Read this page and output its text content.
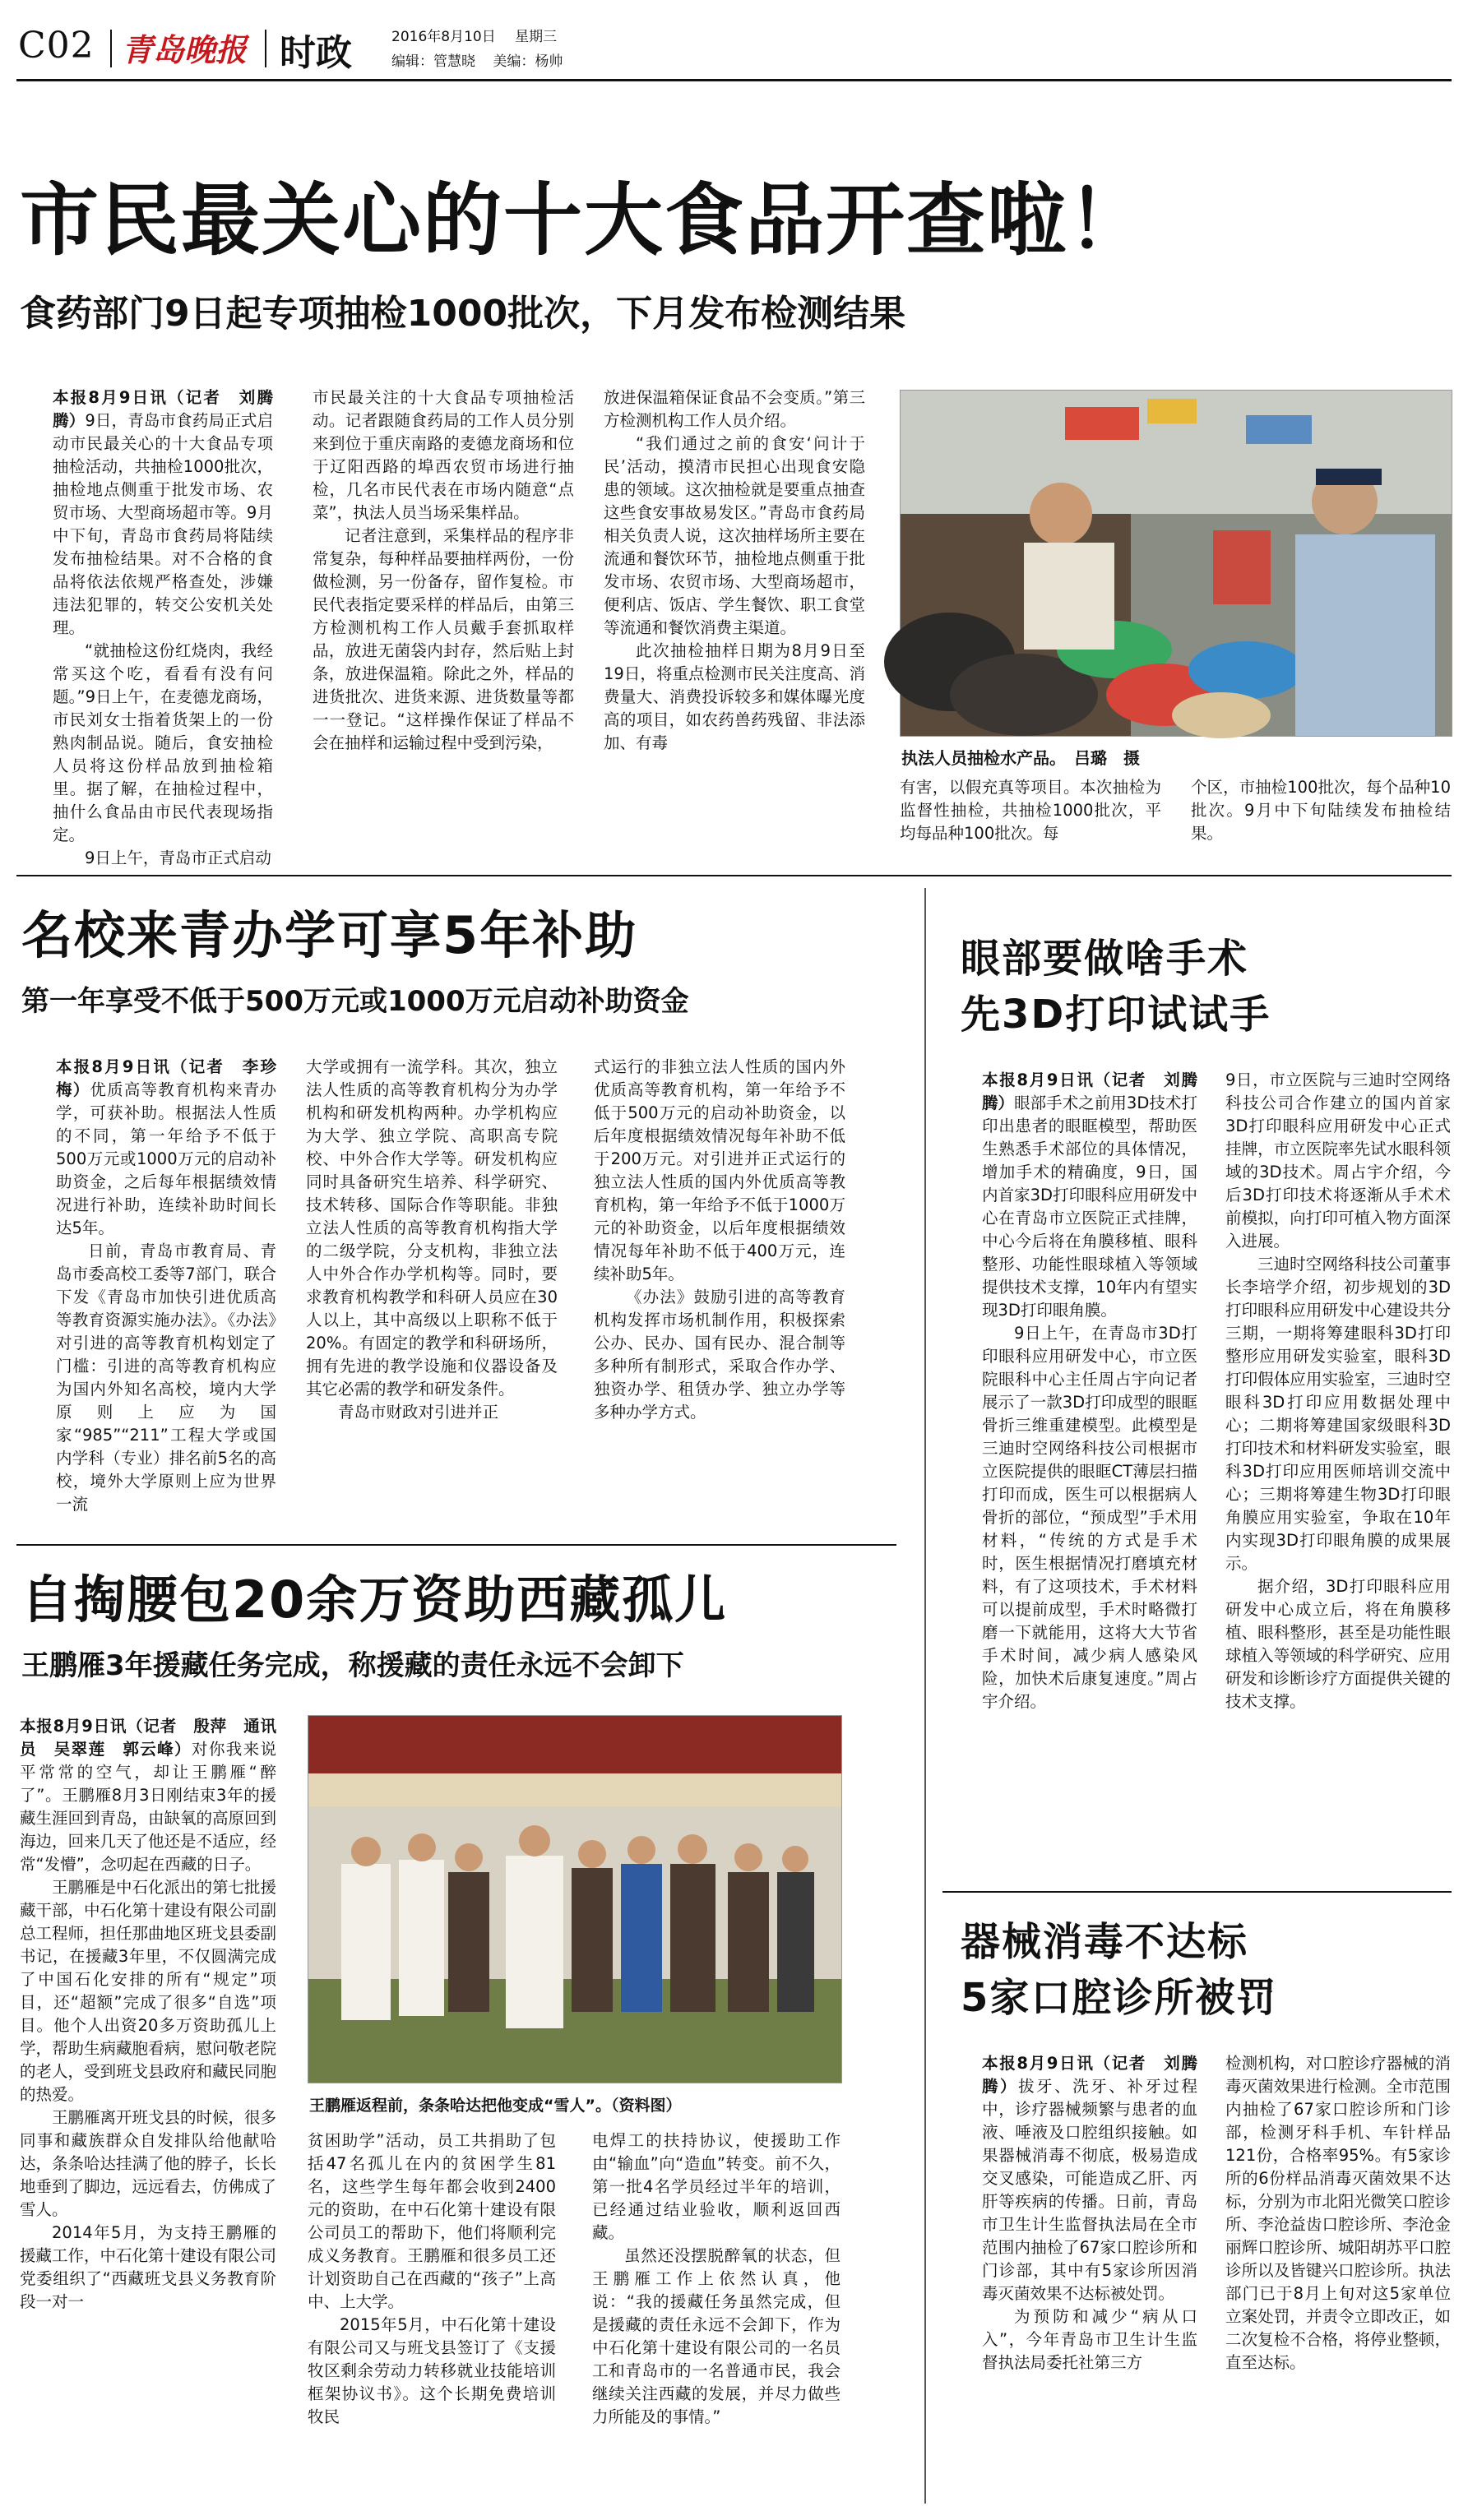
C02 青岛晚报 时政	2016年8月10日 星期三
编辑：管慧晓 美编：杨帅
市民最关心的十大食品开查啦！
食药部门9日起专项抽检1000批次，下月发布检测结果

本报8月9日讯（记者　刘腾腾）9日，青岛市食药局正式启动市民最关心的十大食品专项抽检活动，共抽检1000批次，抽检地点侧重于批发市场、农贸市场、大型商场超市等。9月中下旬，青岛市食药局将陆续发布抽检结果。对不合格的食品将依法依规严格查处，涉嫌违法犯罪的，转交公安机关处理。

“就抽检这份红烧肉，我经常买这个吃，看看有没有问题。”9日上午，在麦德龙商场，市民刘女士指着货架上的一份熟肉制品说。随后，食安抽检人员将这份样品放到抽检箱里。据了解，在抽检过程中，抽什么食品由市民代表现场指定。

9日上午，青岛市正式启动

市民最关注的十大食品专项抽检活动。记者跟随食药局的工作人员分别来到位于重庆南路的麦德龙商场和位于辽阳西路的埠西农贸市场进行抽检，几名市民代表在市场内随意“点菜”，执法人员当场采集样品。

记者注意到，采集样品的程序非常复杂，每种样品要抽样两份，一份做检测，另一份备存，留作复检。市民代表指定要采样的样品后，由第三方检测机构工作人员戴手套抓取样品，放进无菌袋内封存，然后贴上封条，放进保温箱。除此之外，样品的进货批次、进货来源、进货数量等都一一登记。“这样操作保证了样品不会在抽样和运输过程中受到污染，

放进保温箱保证食品不会变质。”第三方检测机构工作人员介绍。

“我们通过之前的食安‘问计于民’活动，摸清市民担心出现食安隐患的领域。这次抽检就是要重点抽查这些食安事故易发区。”青岛市食药局相关负责人说，这次抽样场所主要在流通和餐饮环节，抽检地点侧重于批发市场、农贸市场、大型商场超市，便利店、饭店、学生餐饮、职工食堂等流通和餐饮消费主渠道。

此次抽检抽样日期为8月9日至19日，将重点检测市民关注度高、消费量大、消费投诉较多和媒体曝光度高的项目，如农药兽药残留、非法添加、有毒

执法人员抽检水产品。　吕璐　摄

有害，以假充真等项目。本次抽检为监督性抽检，共抽检1000批次，平均每品种100批次。每

个区，市抽检100批次，每个品种10批次。9月中下旬陆续发布抽检结果。

名校来青办学可享5年补助
第一年享受不低于500万元或1000万元启动补助资金

本报8月9日讯（记者　李珍梅）优质高等教育机构来青办学，可获补助。根据法人性质的不同，第一年给予不低于500万元或1000万元的启动补助资金，之后每年根据绩效情况进行补助，连续补助时间长达5年。

日前，青岛市教育局、青岛市委高校工委等7部门，联合下发《青岛市加快引进优质高等教育资源实施办法》。《办法》对引进的高等教育机构划定了门槛：引进的高等教育机构应为国内外知名高校，境内大学原则上应为国家“985”“211”工程大学或国内学科（专业）排名前5名的高校，境外大学原则上应为世界一流

大学或拥有一流学科。其次，独立法人性质的高等教育机构分为办学机构和研发机构两种。办学机构应为大学、独立学院、高职高专院校、中外合作大学等。研发机构应同时具备研究生培养、科学研究、技术转移、国际合作等职能。非独立法人性质的高等教育机构指大学的二级学院，分支机构，非独立法人中外合作办学机构等。同时，要求教育机构教学和科研人员应在30人以上，其中高级以上职称不低于20%。有固定的教学和科研场所，拥有先进的教学设施和仪器设备及其它必需的教学和研发条件。

青岛市财政对引进并正

式运行的非独立法人性质的国内外优质高等教育机构，第一年给予不低于500万元的启动补助资金，以后年度根据绩效情况每年补助不低于200万元。对引进并正式运行的独立法人性质的国内外优质高等教育机构，第一年给予不低于1000万元的补助资金，以后年度根据绩效情况每年补助不低于400万元，连续补助5年。

《办法》鼓励引进的高等教育机构发挥市场机制作用，积极探索公办、民办、国有民办、混合制等多种所有制形式，采取合作办学、独资办学、租赁办学、独立办学等多种办学方式。

自掏腰包20余万资助西藏孤儿
王鹏雁3年援藏任务完成，称援藏的责任永远不会卸下

本报8月9日讯（记者　殷萍　通讯员　吴翠莲　郭云峰）对你我来说平常常的空气，却让王鹏雁“醉了”。王鹏雁8月3日刚结束3年的援藏生涯回到青岛，由缺氧的高原回到海边，回来几天了他还是不适应，经常“发懵”，念叨起在西藏的日子。

王鹏雁是中石化派出的第七批援藏干部，中石化第十建设有限公司副总工程师，担任那曲地区班戈县委副书记，在援藏3年里，不仅圆满完成了中国石化安排的所有“规定”项目，还“超额”完成了很多“自选”项目。他个人出资20多万资助孤儿上学，帮助生病藏胞看病，慰问敬老院的老人，受到班戈县政府和藏民同胞的热爱。

王鹏雁离开班戈县的时候，很多同事和藏族群众自发排队给他献哈达，条条哈达挂满了他的脖子，长长地垂到了脚边，远远看去，仿佛成了雪人。

2014年5月，为支持王鹏雁的援藏工作，中石化第十建设有限公司党委组织了“西藏班戈县义务教育阶段一对一

王鹏雁返程前，条条哈达把他变成“雪人”。（资料图）

贫困助学”活动，员工共捐助了包括47名孤儿在内的贫困学生81名，这些学生每年都会收到2400元的资助，在中石化第十建设有限公司员工的帮助下，他们将顺利完成义务教育。王鹏雁和很多员工还计划资助自己在西藏的“孩子”上高中、上大学。

2015年5月，中石化第十建设有限公司又与班戈县签订了《支援牧区剩余劳动力转移就业技能培训框架协议书》。这个长期免费培训牧民

电焊工的扶持协议，使援助工作由“输血”向“造血”转变。前不久，第一批4名学员经过半年的培训，已经通过结业验收，顺利返回西藏。

虽然还没摆脱醉氧的状态，但王鹏雁工作上依然认真，他说：“我的援藏任务虽然完成，但是援藏的责任永远不会卸下，作为中石化第十建设有限公司的一名员工和青岛市的一名普通市民，我会继续关注西藏的发展，并尽力做些力所能及的事情。”

眼部要做啥手术
先3D打印试试手

本报8月9日讯（记者　刘腾腾）眼部手术之前用3D技术打印出患者的眼眶模型，帮助医生熟悉手术部位的具体情况，增加手术的精确度，9日，国内首家3D打印眼科应用研发中心在青岛市立医院正式挂牌，中心今后将在角膜移植、眼科整形、功能性眼球植入等领域提供技术支撑，10年内有望实现3D打印眼角膜。

9日上午，在青岛市3D打印眼科应用研发中心，市立医院眼科中心主任周占宇向记者展示了一款3D打印成型的眼眶骨折三维重建模型。此模型是三迪时空网络科技公司根据市立医院提供的眼眶CT薄层扫描打印而成，医生可以根据病人骨折的部位，“预成型”手术用材料，“传统的方式是手术时，医生根据情况打磨填充材料，有了这项技术，手术材料可以提前成型，手术时略微打磨一下就能用，这将大大节省手术时间，减少病人感染风险，加快术后康复速度。”周占宇介绍。

9日，市立医院与三迪时空网络科技公司合作建立的国内首家3D打印眼科应用研发中心正式挂牌，市立医院率先试水眼科领域的3D技术。周占宇介绍，今后3D打印技术将逐渐从手术术前模拟，向打印可植入物方面深入进展。

三迪时空网络科技公司董事长李培学介绍，初步规划的3D打印眼科应用研发中心建设共分三期，一期将筹建眼科3D打印整形应用研发实验室，眼科3D打印假体应用实验室，三迪时空眼科3D打印应用数据处理中心；二期将筹建国家级眼科3D打印技术和材料研发实验室，眼科3D打印应用医师培训交流中心；三期将筹建生物3D打印眼角膜应用实验室，争取在10年内实现3D打印眼角膜的成果展示。

据介绍，3D打印眼科应用研发中心成立后，将在角膜移植、眼科整形，甚至是功能性眼球植入等领域的科学研究、应用研发和诊断诊疗方面提供关键的技术支撑。

器械消毒不达标
5家口腔诊所被罚

本报8月9日讯（记者　刘腾腾）拔牙、洗牙、补牙过程中，诊疗器械频繁与患者的血液、唾液及口腔组织接触。如果器械消毒不彻底，极易造成交叉感染，可能造成乙肝、丙肝等疾病的传播。日前，青岛市卫生计生监督执法局在全市范围内抽检了67家口腔诊所和门诊部，其中有5家诊所因消毒灭菌效果不达标被处罚。

为预防和减少“病从口入”，今年青岛市卫生计生监督执法局委托社第三方

检测机构，对口腔诊疗器械的消毒灭菌效果进行检测。全市范围内抽检了67家口腔诊所和门诊部，检测牙科手机、车针样品121份，合格率95%。有5家诊所的6份样品消毒灭菌效果不达标，分别为市北阳光微笑口腔诊所、李沧益齿口腔诊所、李沧金丽辉口腔诊所、城阳胡苏平口腔诊所以及皆键兴口腔诊所。执法部门已于8月上旬对这5家单位立案处罚，并责令立即改正，如二次复检不合格，将停业整顿，直至达标。
